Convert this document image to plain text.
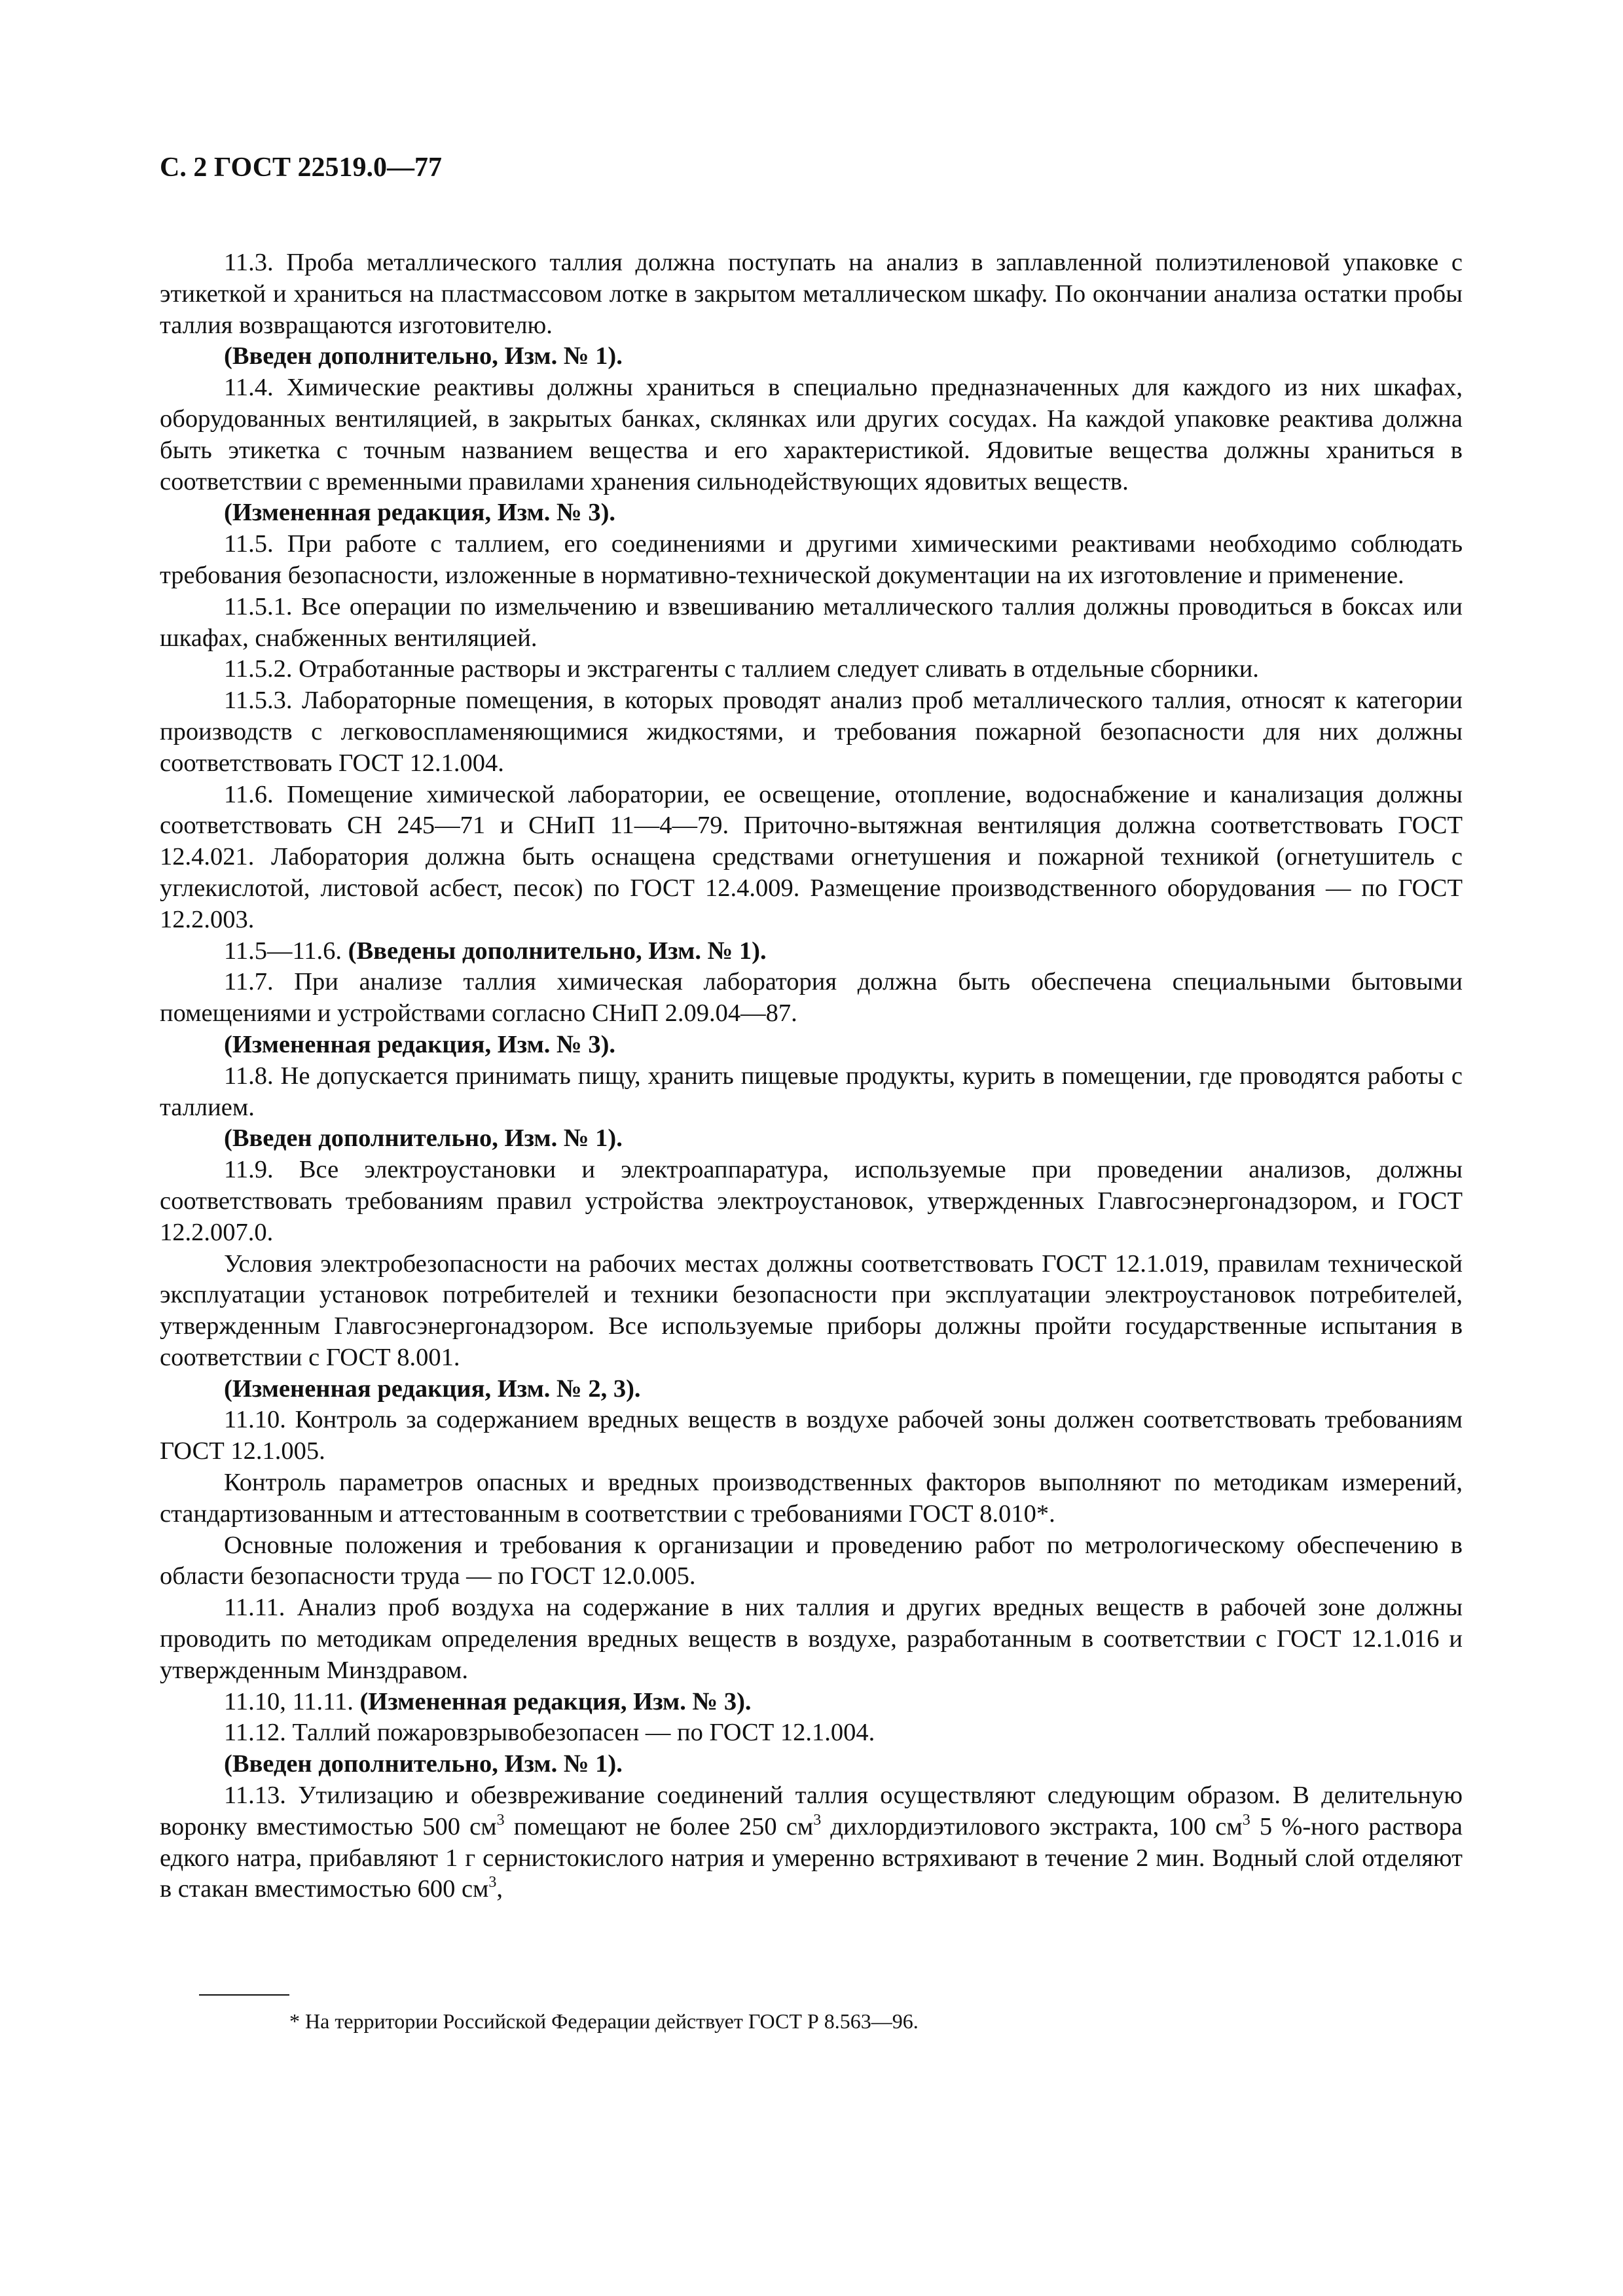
С. 2 ГОСТ 22519.0—77

11.3. Проба металлического таллия должна поступать на анализ в заплавленной полиэтиленовой упаковке с этикеткой и храниться на пластмассовом лотке в закрытом металлическом шкафу. По окончании анализа остатки пробы таллия возвращаются изготовителю.

(Введен дополнительно, Изм. № 1).

11.4. Химические реактивы должны храниться в специально предназначенных для каждого из них шкафах, оборудованных вентиляцией, в закрытых банках, склянках или других сосудах. На каждой упаковке реактива должна быть этикетка с точным названием вещества и его характеристикой. Ядовитые вещества должны храниться в соответствии с временными правилами хранения сильнодействующих ядовитых веществ.

(Измененная редакция, Изм. № 3).

11.5. При работе с таллием, его соединениями и другими химическими реактивами необходимо соблюдать требования безопасности, изложенные в нормативно-технической документации на их изготовление и применение.

11.5.1. Все операции по измельчению и взвешиванию металлического таллия должны проводиться в боксах или шкафах, снабженных вентиляцией.

11.5.2. Отработанные растворы и экстрагенты с таллием следует сливать в отдельные сборники.

11.5.3. Лабораторные помещения, в которых проводят анализ проб металлического таллия, относят к категории производств с легковоспламеняющимися жидкостями, и требования пожарной безопасности для них должны соответствовать ГОСТ 12.1.004.

11.6. Помещение химической лаборатории, ее освещение, отопление, водоснабжение и канализация должны соответствовать СН 245—71 и СНиП 11—4—79. Приточно-вытяжная вентиляция должна соответствовать ГОСТ 12.4.021. Лаборатория должна быть оснащена средствами огнетушения и пожарной техникой (огнетушитель с углекислотой, листовой асбест, песок) по ГОСТ 12.4.009. Размещение производственного оборудования — по ГОСТ 12.2.003.

11.5—11.6. (Введены дополнительно, Изм. № 1).

11.7. При анализе таллия химическая лаборатория должна быть обеспечена специальными бытовыми помещениями и устройствами согласно СНиП 2.09.04—87.

(Измененная редакция, Изм. № 3).

11.8. Не допускается принимать пищу, хранить пищевые продукты, курить в помещении, где проводятся работы с таллием.

(Введен дополнительно, Изм. № 1).

11.9. Все электроустановки и электроаппаратура, используемые при проведении анализов, должны соответствовать требованиям правил устройства электроустановок, утвержденных Главгосэнергонадзором, и ГОСТ 12.2.007.0.

Условия электробезопасности на рабочих местах должны соответствовать ГОСТ 12.1.019, правилам технической эксплуатации установок потребителей и техники безопасности при эксплуатации электроустановок потребителей, утвержденным Главгосэнергонадзором. Все используемые приборы должны пройти государственные испытания в соответствии с ГОСТ 8.001.

(Измененная редакция, Изм. № 2, 3).

11.10. Контроль за содержанием вредных веществ в воздухе рабочей зоны должен соответствовать требованиям ГОСТ 12.1.005.

Контроль параметров опасных и вредных производственных факторов выполняют по методикам измерений, стандартизованным и аттестованным в соответствии с требованиями ГОСТ 8.010*.

Основные положения и требования к организации и проведению работ по метрологическому обеспечению в области безопасности труда — по ГОСТ 12.0.005.

11.11. Анализ проб воздуха на содержание в них таллия и других вредных веществ в рабочей зоне должны проводить по методикам определения вредных веществ в воздухе, разработанным в соответствии с ГОСТ 12.1.016 и утвержденным Минздравом.

11.10, 11.11. (Измененная редакция, Изм. № 3).

11.12. Таллий пожаровзрывобезопасен — по ГОСТ 12.1.004.

(Введен дополнительно, Изм. № 1).

11.13. Утилизацию и обезвреживание соединений таллия осуществляют следующим образом. В делительную воронку вместимостью 500 $см^3$ помещают не более 250 $см^3$ дихлордиэтилового экстракта, 100 $см^3$ 5 %-ного раствора едкого натра, прибавляют 1 г сернистокислого натрия и умеренно встряхивают в течение 2 мин. Водный слой отделяют в стакан вместимостью 600 $см^3$,

* На территории Российской Федерации действует ГОСТ Р 8.563—96.
